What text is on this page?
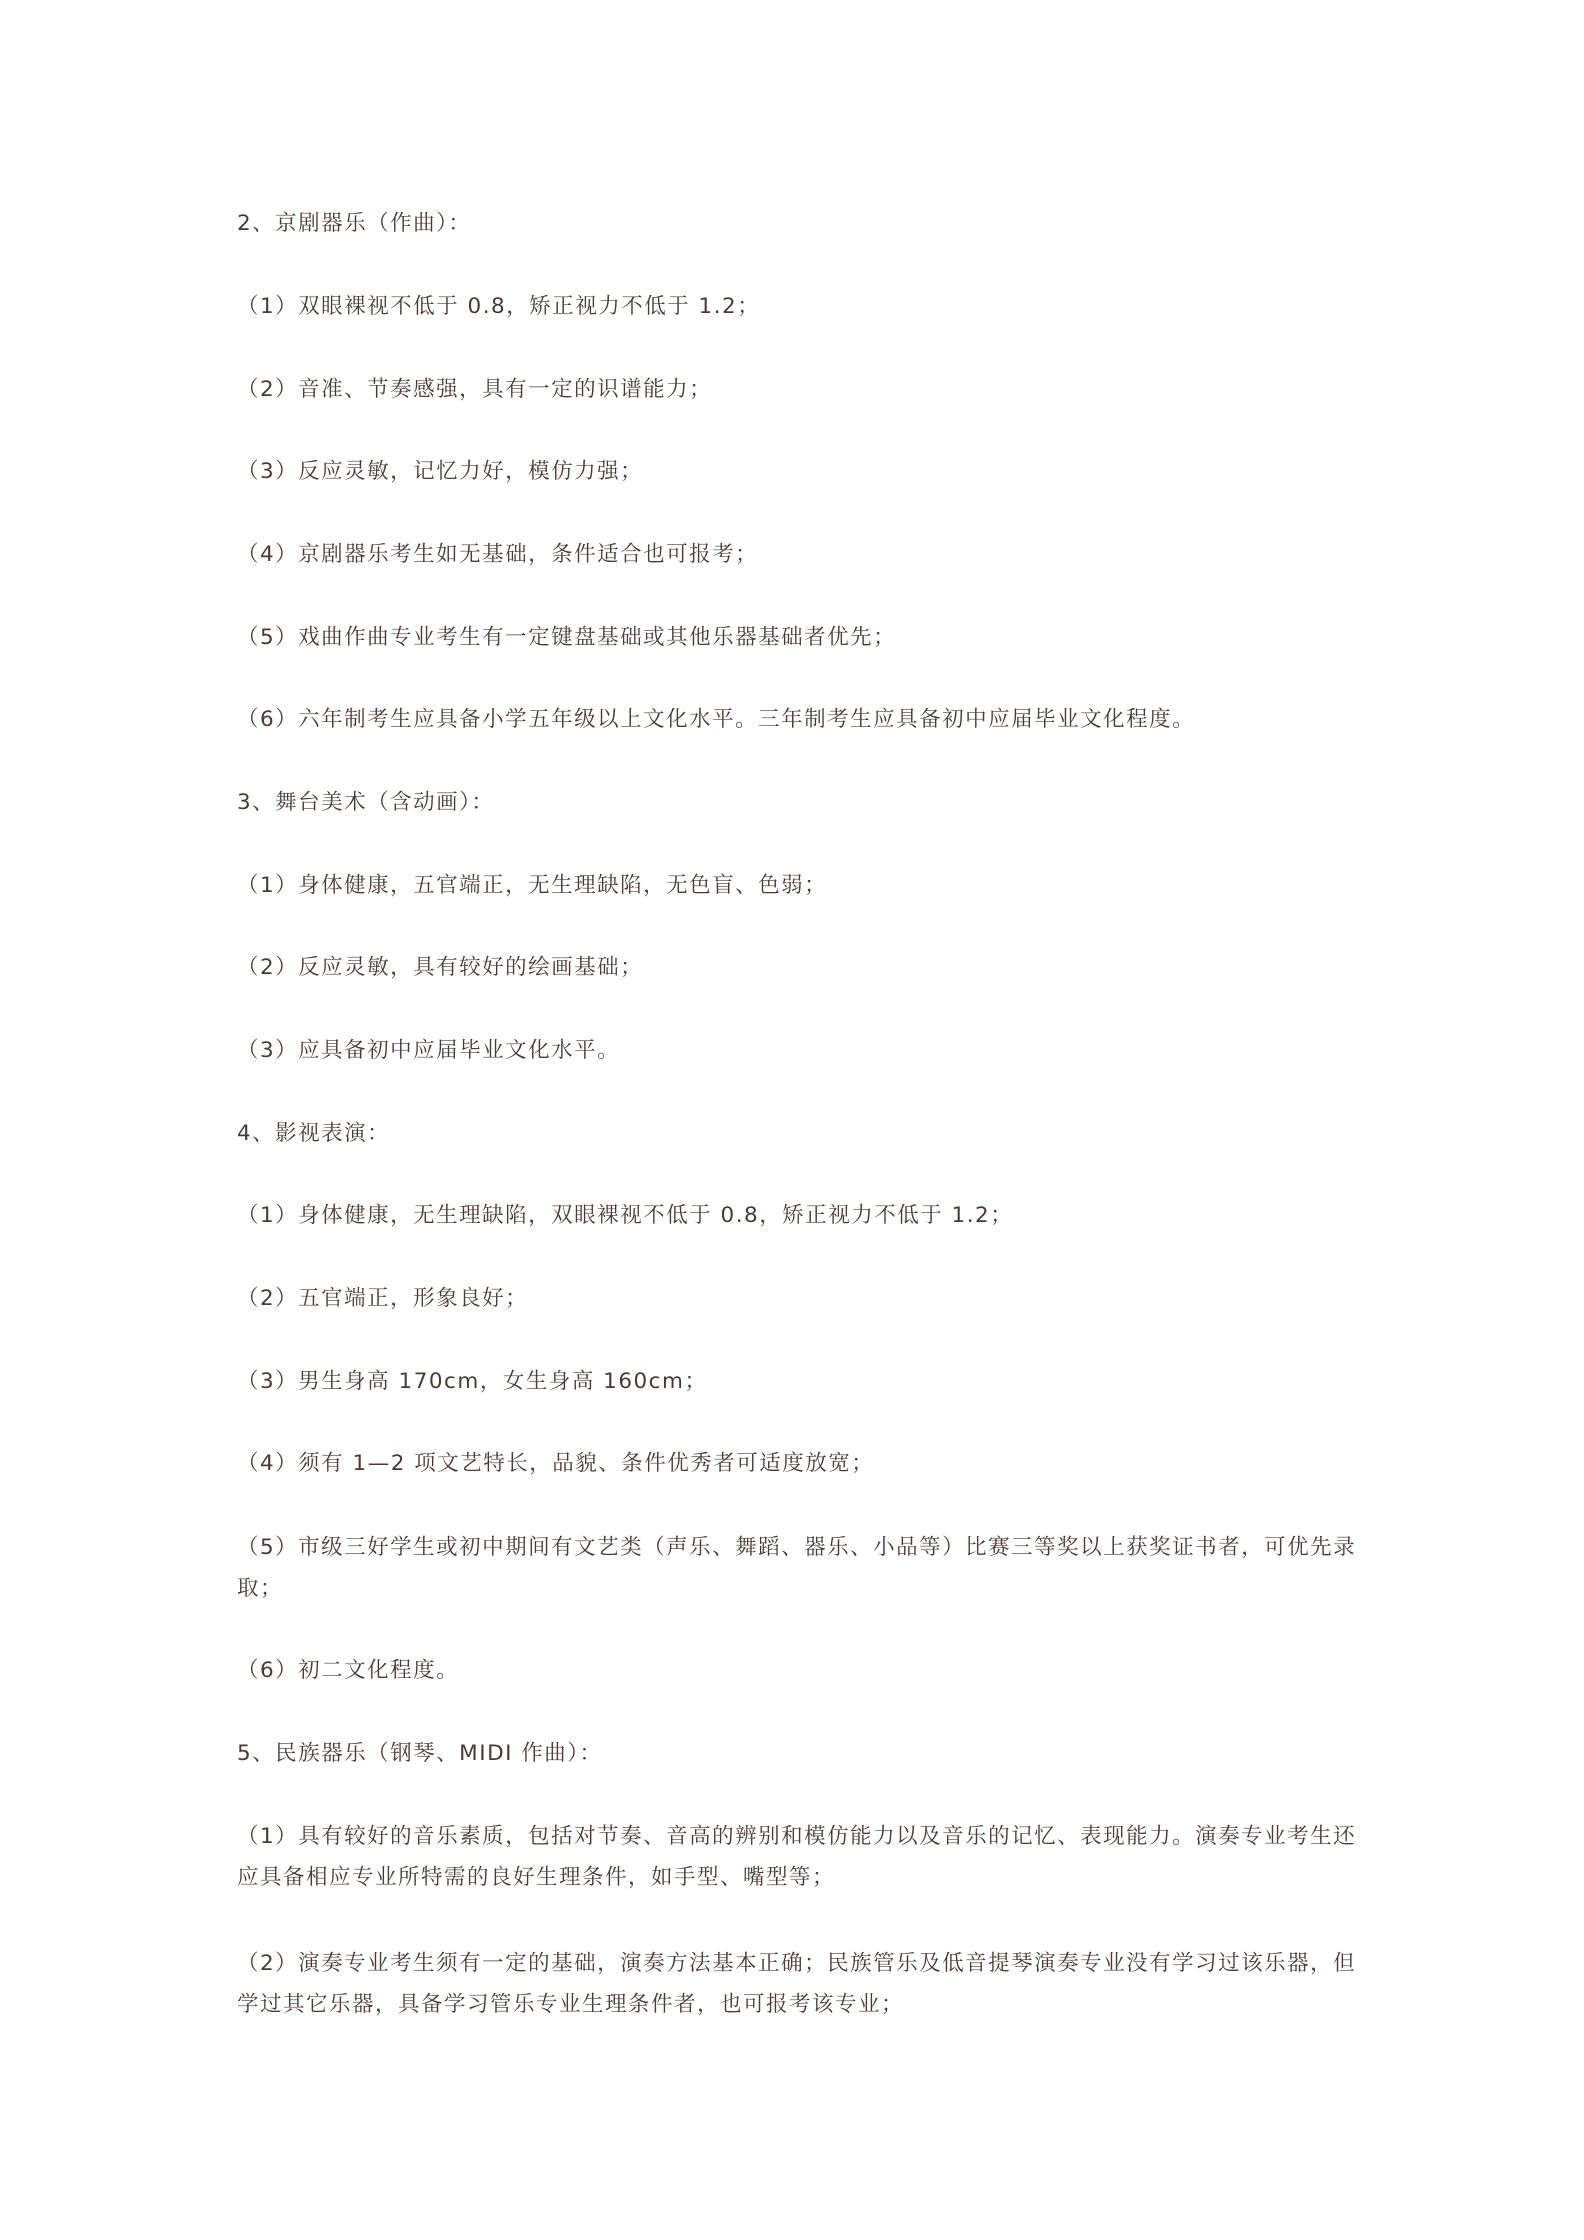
2、京剧器乐（作曲）：
（1）双眼裸视不低于 0.8，矫正视力不低于 1.2；
（2）音准、节奏感强，具有一定的识谱能力；
（3）反应灵敏，记忆力好，模仿力强；
（4）京剧器乐考生如无基础，条件适合也可报考；
（5）戏曲作曲专业考生有一定键盘基础或其他乐器基础者优先；
（6）六年制考生应具备小学五年级以上文化水平。三年制考生应具备初中应届毕业文化程度。
3、舞台美术（含动画）：
（1）身体健康，五官端正，无生理缺陷，无色盲、色弱；
（2）反应灵敏，具有较好的绘画基础；
（3）应具备初中应届毕业文化水平。
4、影视表演：
（1）身体健康，无生理缺陷，双眼裸视不低于 0.8，矫正视力不低于 1.2；
（2）五官端正，形象良好；
（3）男生身高 170cm，女生身高 160cm；
（4）须有 1—2 项文艺特长，品貌、条件优秀者可适度放宽；
（5）市级三好学生或初中期间有文艺类（声乐、舞蹈、器乐、小品等）比赛三等奖以上获奖证书者，可优先录取；
（6）初二文化程度。
5、民族器乐（钢琴、MIDI 作曲）：
（1）具有较好的音乐素质，包括对节奏、音高的辨别和模仿能力以及音乐的记忆、表现能力。演奏专业考生还应具备相应专业所特需的良好生理条件，如手型、嘴型等；
（2）演奏专业考生须有一定的基础，演奏方法基本正确；民族管乐及低音提琴演奏专业没有学习过该乐器，但学过其它乐器，具备学习管乐专业生理条件者，也可报考该专业；
